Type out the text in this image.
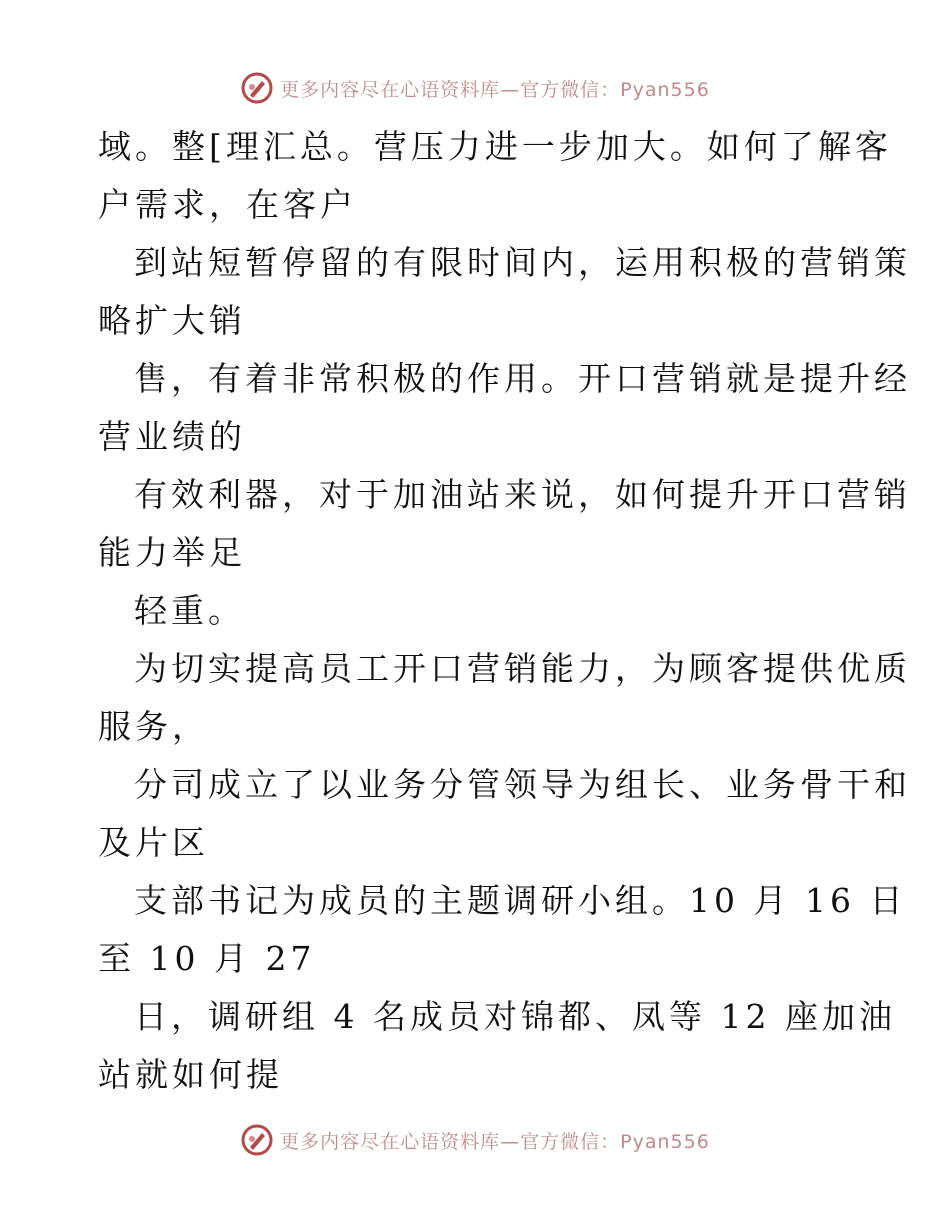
更多内容尽在心语资料库—官方微信：Pyan556
域。整[理汇总。营压力进一步加大。如何了解客
户需求，在客户
到站短暂停留的有限时间内，运用积极的营销策
略扩大销
售，有着非常积极的作用。开口营销就是提升经
营业绩的
有效利器，对于加油站来说，如何提升开口营销
能力举足
轻重。
为切实提高员工开口营销能力，为顾客提供优质
服务，
分司成立了以业务分管领导为组长、业务骨干和
及片区
支部书记为成员的主题调研小组。10 月 16 日
至 10 月 27
日，调研组 4 名成员对锦都、凤等 12 座加油
站就如何提
更多内容尽在心语资料库—官方微信：Pyan556
